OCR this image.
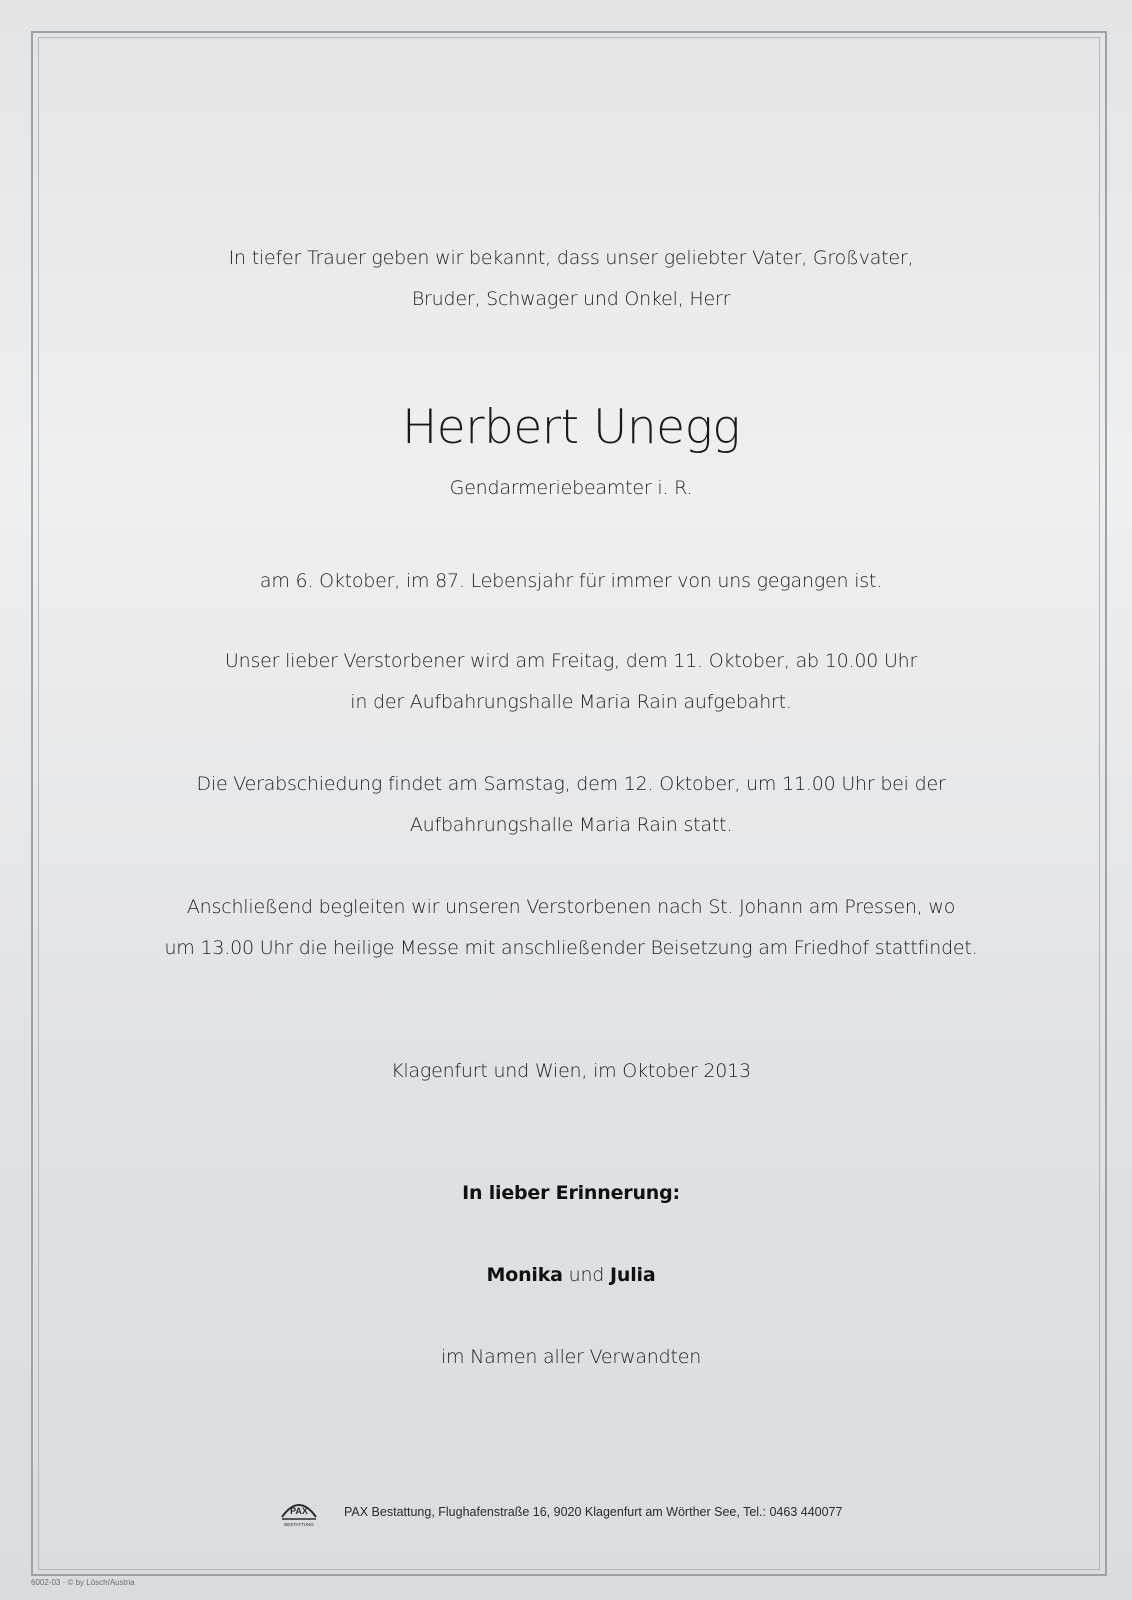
In tiefer Trauer geben wir bekannt, dass unser geliebter Vater, Großvater,
Bruder, Schwager und Onkel, Herr
Herbert Unegg
Gendarmeriebeamter i. R.
am 6. Oktober, im 87. Lebensjahr für immer von uns gegangen ist.
Unser lieber Verstorbener wird am Freitag, dem 11. Oktober, ab 10.00 Uhr
in der Aufbahrungshalle Maria Rain aufgebahrt.
Die Verabschiedung findet am Samstag, dem 12. Oktober, um 11.00 Uhr bei der
Aufbahrungshalle Maria Rain statt.
Anschließend begleiten wir unseren Verstorbenen nach St. Johann am Pressen, wo
um 13.00 Uhr die heilige Messe mit anschließender Beisetzung am Friedhof stattfindet.
Klagenfurt und Wien, im Oktober 2013
In lieber Erinnerung:
Monika und Julia
im Namen aller Verwandten
PAX
BESTATTUNG
PAX Bestattung, Flughafenstraße 16, 9020 Klagenfurt am Wörther See, Tel.: 0463 440077
6002-03 · © by Lösch/Austria
